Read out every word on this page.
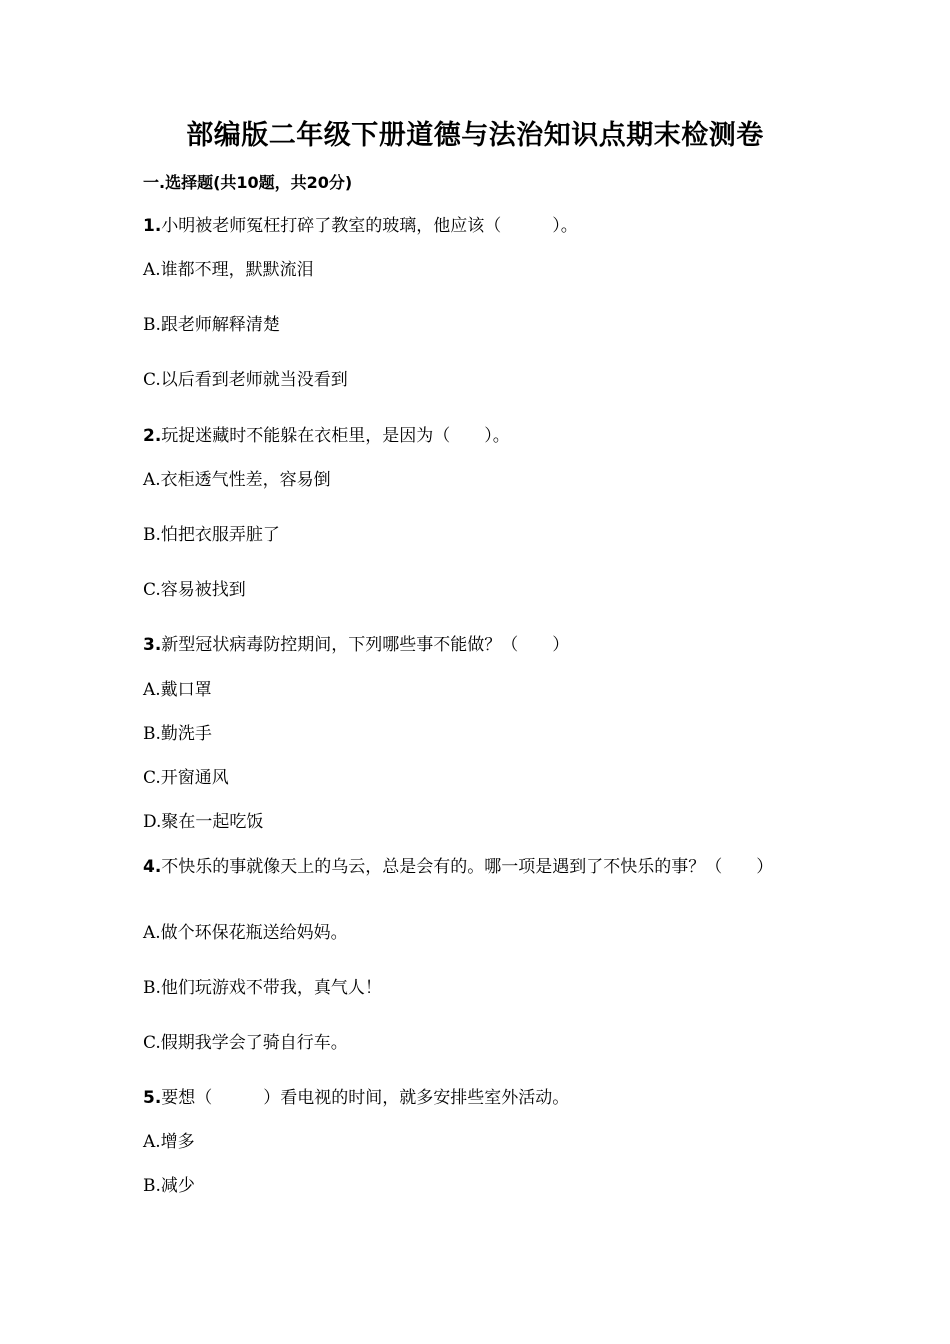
部编版二年级下册道德与法治知识点期末检测卷
一.选择题(共10题，共20分)
1.小明被老师冤枉打碎了教室的玻璃，他应该（　　　）。
A.谁都不理，默默流泪
B.跟老师解释清楚
C.以后看到老师就当没看到
2.玩捉迷藏时不能躲在衣柜里，是因为（　　）。
A.衣柜透气性差，容易倒
B.怕把衣服弄脏了
C.容易被找到
3.新型冠状病毒防控期间，下列哪些事不能做？（　　）
A.戴口罩
B.勤洗手
C.开窗通风
D.聚在一起吃饭
4.不快乐的事就像天上的乌云，总是会有的。哪一项是遇到了不快乐的事？（　　）
A.做个环保花瓶送给妈妈。
B.他们玩游戏不带我，真气人！
C.假期我学会了骑自行车。
5.要想（　　　）看电视的时间，就多安排些室外活动。
A.增多
B.减少
